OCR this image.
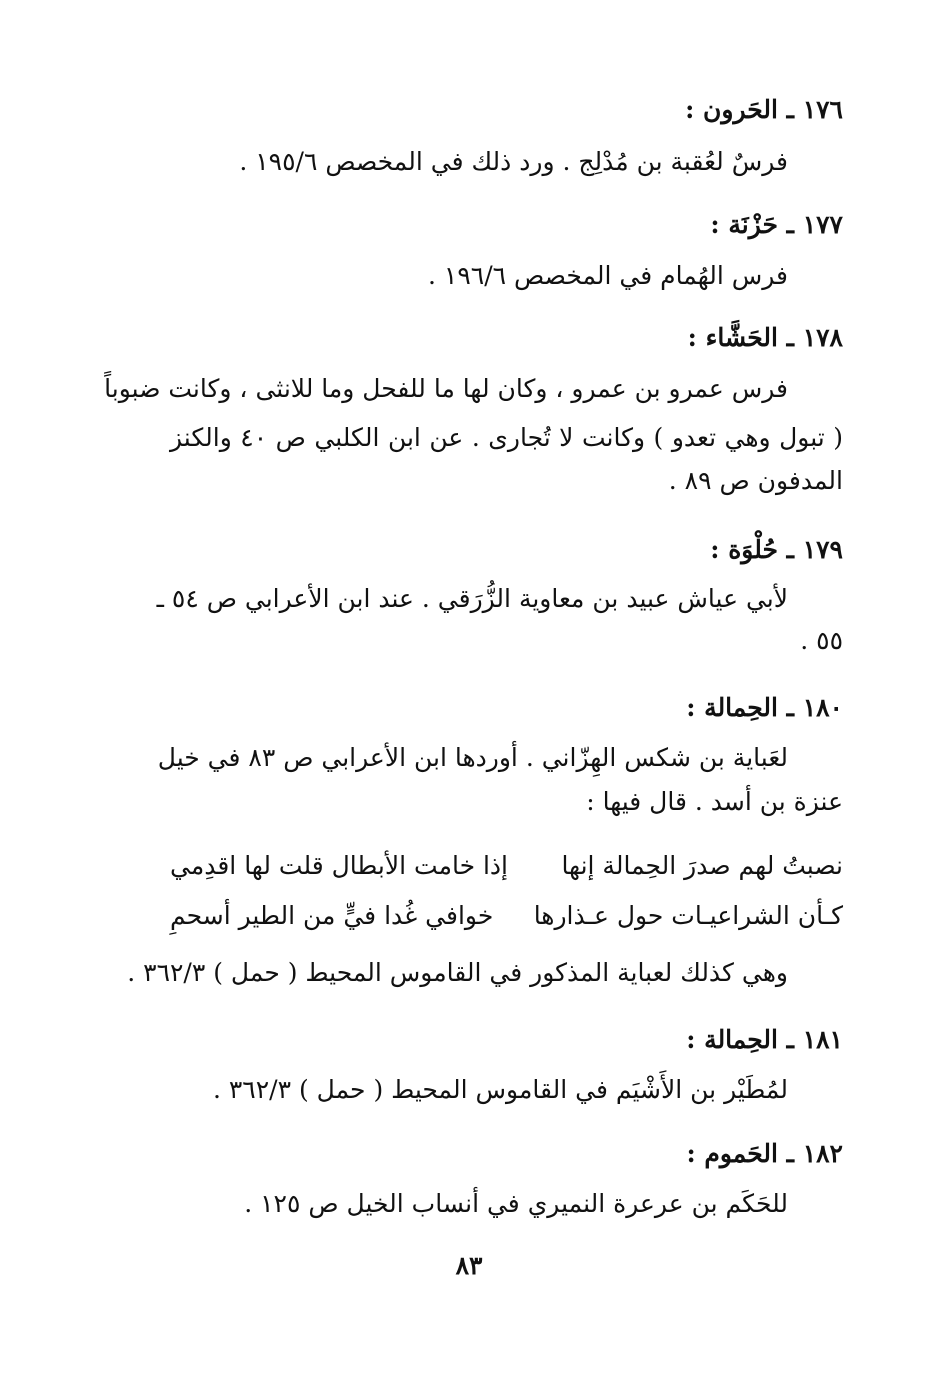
١٧٦ ـ الحَرون :
فرسٌ لعُقبة بن مُدْلِج . ورد ذلك في المخصص ١٩٥/٦ .
١٧٧ ـ حَزْنَة :
فرس الهُمام في المخصص ١٩٦/٦ .
١٧٨ ـ الحَشَّاء :
فرس عمرو بن عمرو ، وكان لها ما للفحل وما للانثى ، وكانت ضبوباً
( تبول وهي تعدو ) وكانت لا تُجارى . عن ابن الكلبي ص ٤٠ والكنز
المدفون ص ٨٩ .
١٧٩ ـ حُلْوَة :
لأبي عياش عبيد بن معاوية الزُّرَقي . عند ابن الأعرابي ص ٥٤ ـ
٥٥ .
١٨٠ ـ الحِمالة :
لعَباية بن شكس الهِزّاني . أوردها ابن الأعرابي ص ٨٣ في خيل
عنزة بن أسد . قال فيها :
نصبتُ لهم صدرَ الحِمالة إنها
إذا خامت الأبطال قلت لها اقدِمي
كـأن الشراعيـات حول عـذارها
خوافي غُدا فيٍّ من الطير أسحمِ
وهي كذلك لعباية المذكور في القاموس المحيط ( حمل ) ٣٦٢/٣ .
١٨١ ـ الحِمالة :
لمُطَيْر بن الأَشْيَم في القاموس المحيط ( حمل ) ٣٦٢/٣ .
١٨٢ ـ الحَموم :
للحَكَم بن عرعرة النميري في أنساب الخيل ص ١٢٥ .
٨٣
